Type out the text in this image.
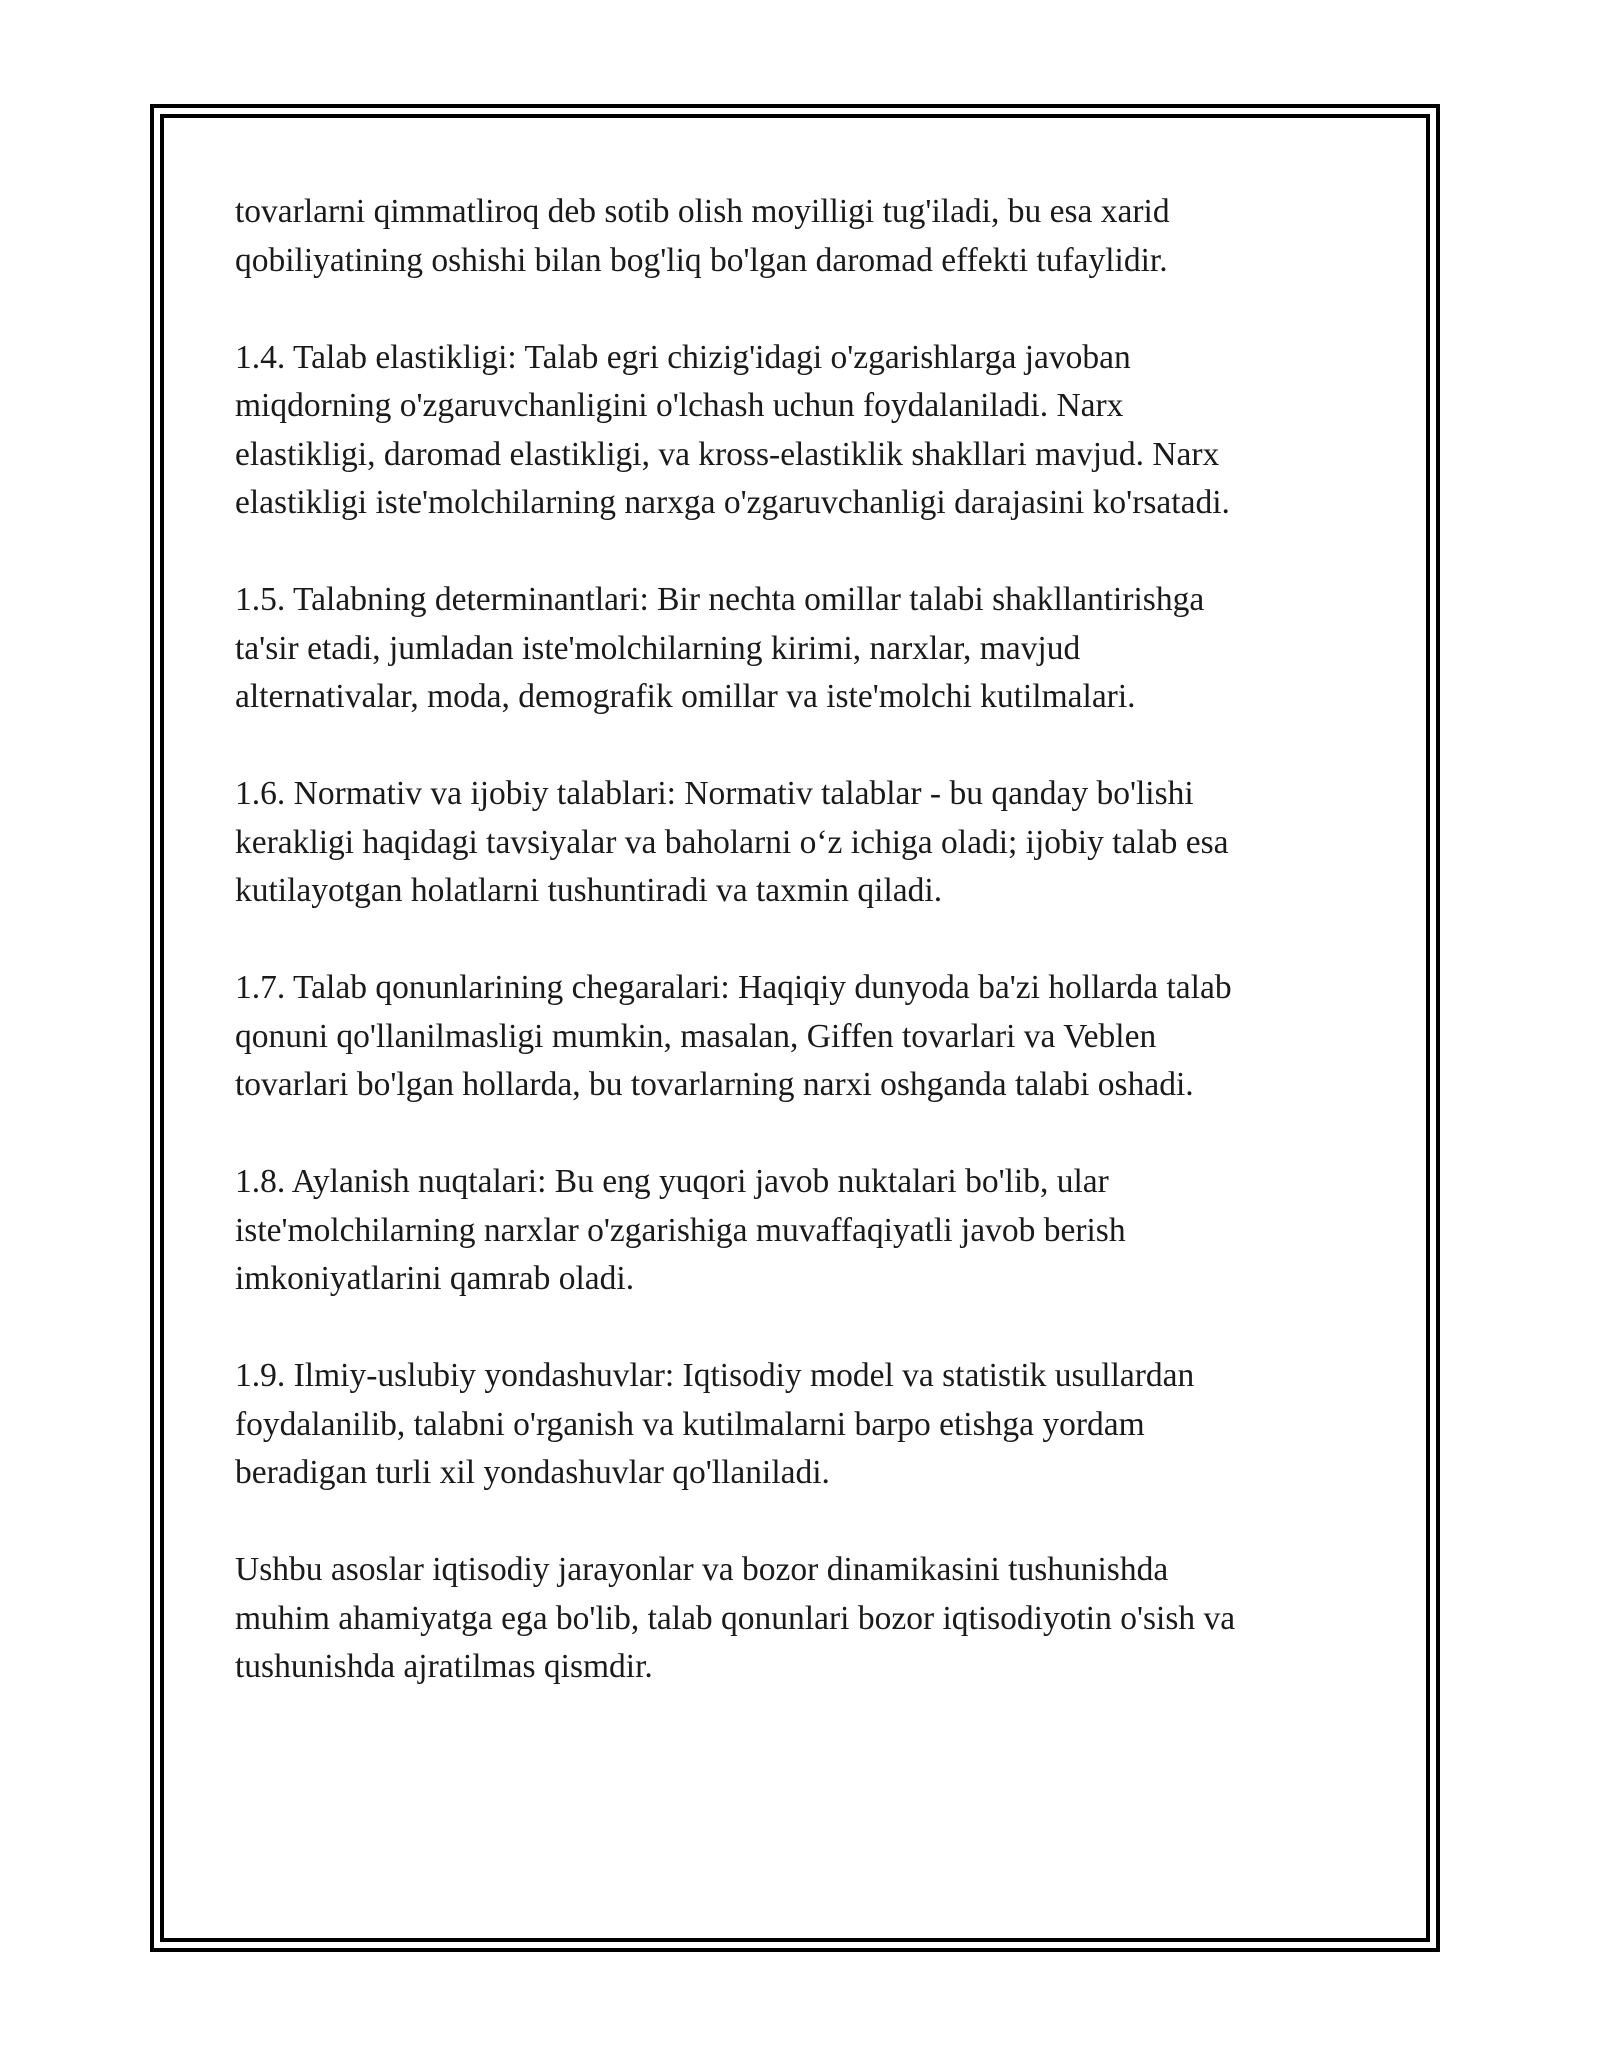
tovarlarni qimmatliroq deb sotib olish moyilligi tug'iladi, bu esa xarid
qobiliyatining oshishi bilan bog'liq bo'lgan daromad effekti tufaylidir.

1.4. Talab elastikligi: Talab egri chizig'idagi o'zgarishlarga javoban
miqdorning o'zgaruvchanligini o'lchash uchun foydalaniladi. Narx
elastikligi, daromad elastikligi, va kross-elastiklik shakllari mavjud. Narx
elastikligi iste'molchilarning narxga o'zgaruvchanligi darajasini ko'rsatadi.

1.5. Talabning determinantlari: Bir nechta omillar talabi shakllantirishga
ta'sir etadi, jumladan iste'molchilarning kirimi, narxlar, mavjud
alternativalar, moda, demografik omillar va iste'molchi kutilmalari.

1.6. Normativ va ijobiy talablari: Normativ talablar - bu qanday bo'lishi
kerakligi haqidagi tavsiyalar va baholarni o‘z ichiga oladi; ijobiy talab esa
kutilayotgan holatlarni tushuntiradi va taxmin qiladi.

1.7. Talab qonunlarining chegaralari: Haqiqiy dunyoda ba'zi hollarda talab
qonuni qo'llanilmasligi mumkin, masalan, Giffen tovarlari va Veblen
tovarlari bo'lgan hollarda, bu tovarlarning narxi oshganda talabi oshadi.

1.8. Aylanish nuqtalari: Bu eng yuqori javob nuktalari bo'lib, ular
iste'molchilarning narxlar o'zgarishiga muvaffaqiyatli javob berish
imkoniyatlarini qamrab oladi.

1.9. Ilmiy-uslubiy yondashuvlar: Iqtisodiy model va statistik usullardan
foydalanilib, talabni o'rganish va kutilmalarni barpo etishga yordam
beradigan turli xil yondashuvlar qo'llaniladi.

Ushbu asoslar iqtisodiy jarayonlar va bozor dinamikasini tushunishda
muhim ahamiyatga ega bo'lib, talab qonunlari bozor iqtisodiyotin o'sish va
tushunishda ajratilmas qismdir.
